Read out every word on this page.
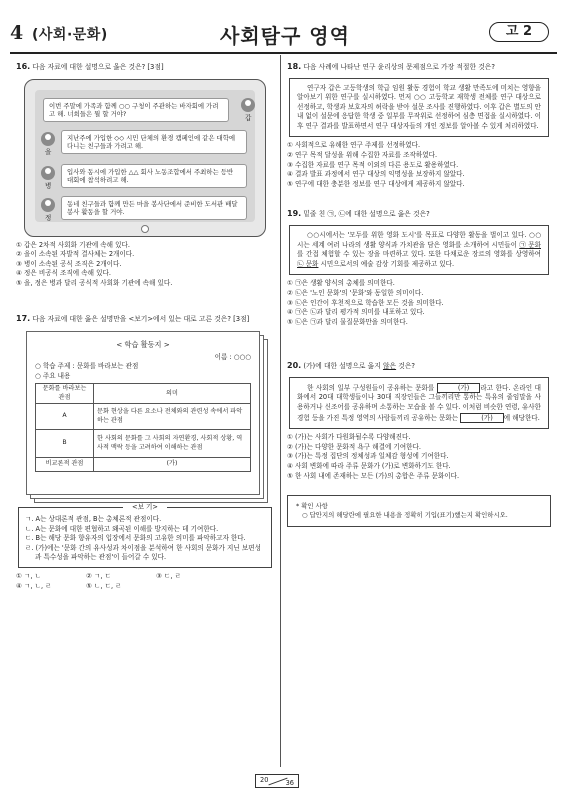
4 (사회·문화)	사회탐구 영역	고 2
16. 다음 자료에 대한 설명으로 옳은 것은? [3점]
이번 주말에 가족과 함께 ○○ 구청이 주관하는 바자회에 가려고 해. 너희들은 뭘 할 거야?	갑
을
지난주에 가입한 ◇◇ 시민 단체의 환경 캠페인에 같은 대학에 다니는 친구들과 가려고 해.
병
입사와 동시에 가입한 △△ 회사 노동조합에서 주최하는 등반 대회에 참석하려고 해.
정
동네 친구들과 함께 만든 마을 봉사단에서 준비한 도서관 배달 봉사 활동을 할 거야.
① 갑은 2차적 사회화 기관에 속해 있다.
② 을이 소속된 자발적 결사체는 2개이다.
③ 병이 소속된 공식 조직은 2개이다.
④ 정은 비공식 조직에 속해 있다.
⑤ 을, 정은 병과 달리 공식적 사회화 기관에 속해 있다.
17. 다음 자료에 대한 옳은 설명만을 <보기>에서 있는 대로 고른 것은? [3점]
< 학습 활동지 >
이름 : ○○○
○ 학습 주제 : 문화를 바라보는 관점
○ 주요 내용
문화를 바라보는 관점	의미
A	문화 현상을 다른 요소나 전체와의 관련성 속에서 파악하는 관점
B	한 사회의 문화를 그 사회의 자연환경, 사회적 상황, 역사적 맥락 등을 고려하여 이해하는 관점
비교론적 관점	(가)
<보 기>
ㄱ. A는 상대론적 관점, B는 총체론적 관점이다.
ㄴ. A는 문화에 대한 편협하고 왜곡된 이해를 방지하는 데 기여한다.
ㄷ. B는 해당 문화 향유자의 입장에서 문화의 고유한 의미를 파악하고자 한다.
ㄹ. (가)에는 '문화 간의 유사성과 차이점을 분석하여 한 사회의 문화가 지닌 보편성과 특수성을 파악하는 관점'이 들어갈 수 있다.
① ㄱ, ㄴ	② ㄱ, ㄷ	③ ㄷ, ㄹ
④ ㄱ, ㄴ, ㄹ	⑤ ㄴ, ㄷ, ㄹ
18. 다음 사례에 나타난 연구 윤리상의 문제점으로 가장 적절한 것은?
연구자 갑은 고등학생의 학급 임원 활동 경험이 학교 생활 만족도에 미치는 영향을 알아보기 위한 연구를 실시하였다. 먼저 ○○ 고등학교 재학생 전체를 연구 대상으로 선정하고, 학생과 보호자의 허락을 받아 설문 조사를 진행하였다. 이후 갑은 별도의 안내 없이 설문에 응답한 학생 중 일부를 무작위로 선정하여 심층 면접을 실시하였다. 이후 연구 결과를 발표하면서 연구 대상자들의 개인 정보를 알아볼 수 있게 처리하였다.
① 사회적으로 유해한 연구 주제를 선정하였다.
② 연구 목적 달성을 위해 수집한 자료를 조작하였다.
③ 수집한 자료를 연구 목적 이외의 다른 용도로 활용하였다.
④ 결과 발표 과정에서 연구 대상의 익명성을 보장하지 않았다.
⑤ 연구에 대한 충분한 정보를 연구 대상에게 제공하지 않았다.
19. 밑줄 친 ㉠, ㉡에 대한 설명으로 옳은 것은?
○○시에서는 '모두를 위한 영화 도시'를 목표로 다양한 활동을 벌이고 있다. ○○시는 세계 여러 나라의 생활 양식과 가치관을 담은 영화를 소개하여 시민들이 ㉠ 문화를 간접 체험할 수 있는 장을 마련하고 있다. 또한 다채로운 장르의 영화를 상영하여 ㉡ 문화 시민으로서의 예술 감상 기회를 제공하고 있다.
① ㉠은 생활 양식의 총체를 의미한다.
② ㉡은 '노인 문화'의 '문화'와 동일한 의미이다.
③ ㉡은 인간이 후천적으로 학습한 모든 것을 의미한다.
④ ㉠은 ㉡과 달리 평가적 의미를 내포하고 있다.
⑤ ㉡은 ㉠과 달리 물질문화만을 의미한다.
20. (가)에 대한 설명으로 옳지 않은 것은?
한 사회의 일부 구성원들이 공유하는 문화를	(가) 라고 한다. 온라인 대화에서 20대 대학생들이나 30대 직장인들은 그들끼리만 통하는 특유의 줄임말을 사용하거나 신조어를 공유하며 소통하는 모습을 볼 수 있다. 이처럼 비슷한 연령, 유사한 경험 등을 가진 특정 영역의 사람들끼리 공유하는 문화는	(가) 에 해당한다.
① (가)는 사회가 다원화될수록 다양해진다.
② (가)는 다양한 문화적 욕구 해결에 기여한다.
③ (가)는 특정 집단의 정체성과 일체감 형성에 기여한다.
④ 사회 변화에 따라 주류 문화가 (가)로 변화하기도 한다.
⑤ 한 사회 내에 존재하는 모든 (가)의 총합은 주류 문화이다.
* 확인 사항
○ 답안지의 해당란에 필요한 내용을 정확히 기입(표기)했는지 확인하시오.
20	36
